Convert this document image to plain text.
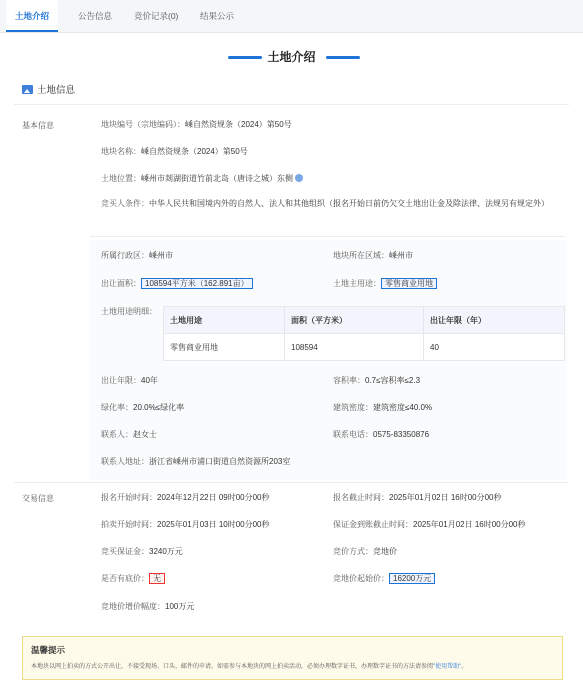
土地介绍	公告信息	竞价记录(0)	结果公示
土地介绍
土地信息
基本信息	地块编号（宗地编码）：嵊自然资规条（2024）第50号
地块名称：嵊自然资规条（2024）第50号
土地位置：嵊州市剡湖街道竹前北岛（唐诗之城）东侧
竞买人条件：中华人民共和国境内外的自然人、法人和其他组织（报名开始日前仍欠交土地出让金及除法律、法规另有规定外）
所属行政区：嵊州市	地块所在区域：嵊州市
出让面积： 108594平方米（162.891亩）	土地主用途： 零售商业用地
土地用途明细：
土地用途	面积（平方米）	出让年限（年）
零售商业用地	108594	40
出让年限：40年	容积率：0.7≤容积率≤2.3
绿化率：20.0%≤绿化率	建筑密度：建筑密度≤40.0%
联系人：赵女士	联系电话：0575-83350876
联系人地址：浙江省嵊州市浦口街道自然资源所203室
交易信息	报名开始时间：2024年12月22日 09时00分00秒	报名截止时间：2025年01月02日 16时00分00秒
拍卖开始时间：2025年01月03日 10时00分00秒	保证金到账截止时间：2025年01月02日 16时00分00秒
竞买保证金：3240万元	竞价方式：竞地价
是否有底价： 无	竞地价起始价： 16200万元
竞地价增价幅度：100万元
温馨提示
本地块以网上拍卖的方式公开出让，不接受现场、口头、邮件的申请。如需参与本地块的网上拍卖活动，必须办理数字证书，办理数字证书的方法请参阅"使用帮助"。
